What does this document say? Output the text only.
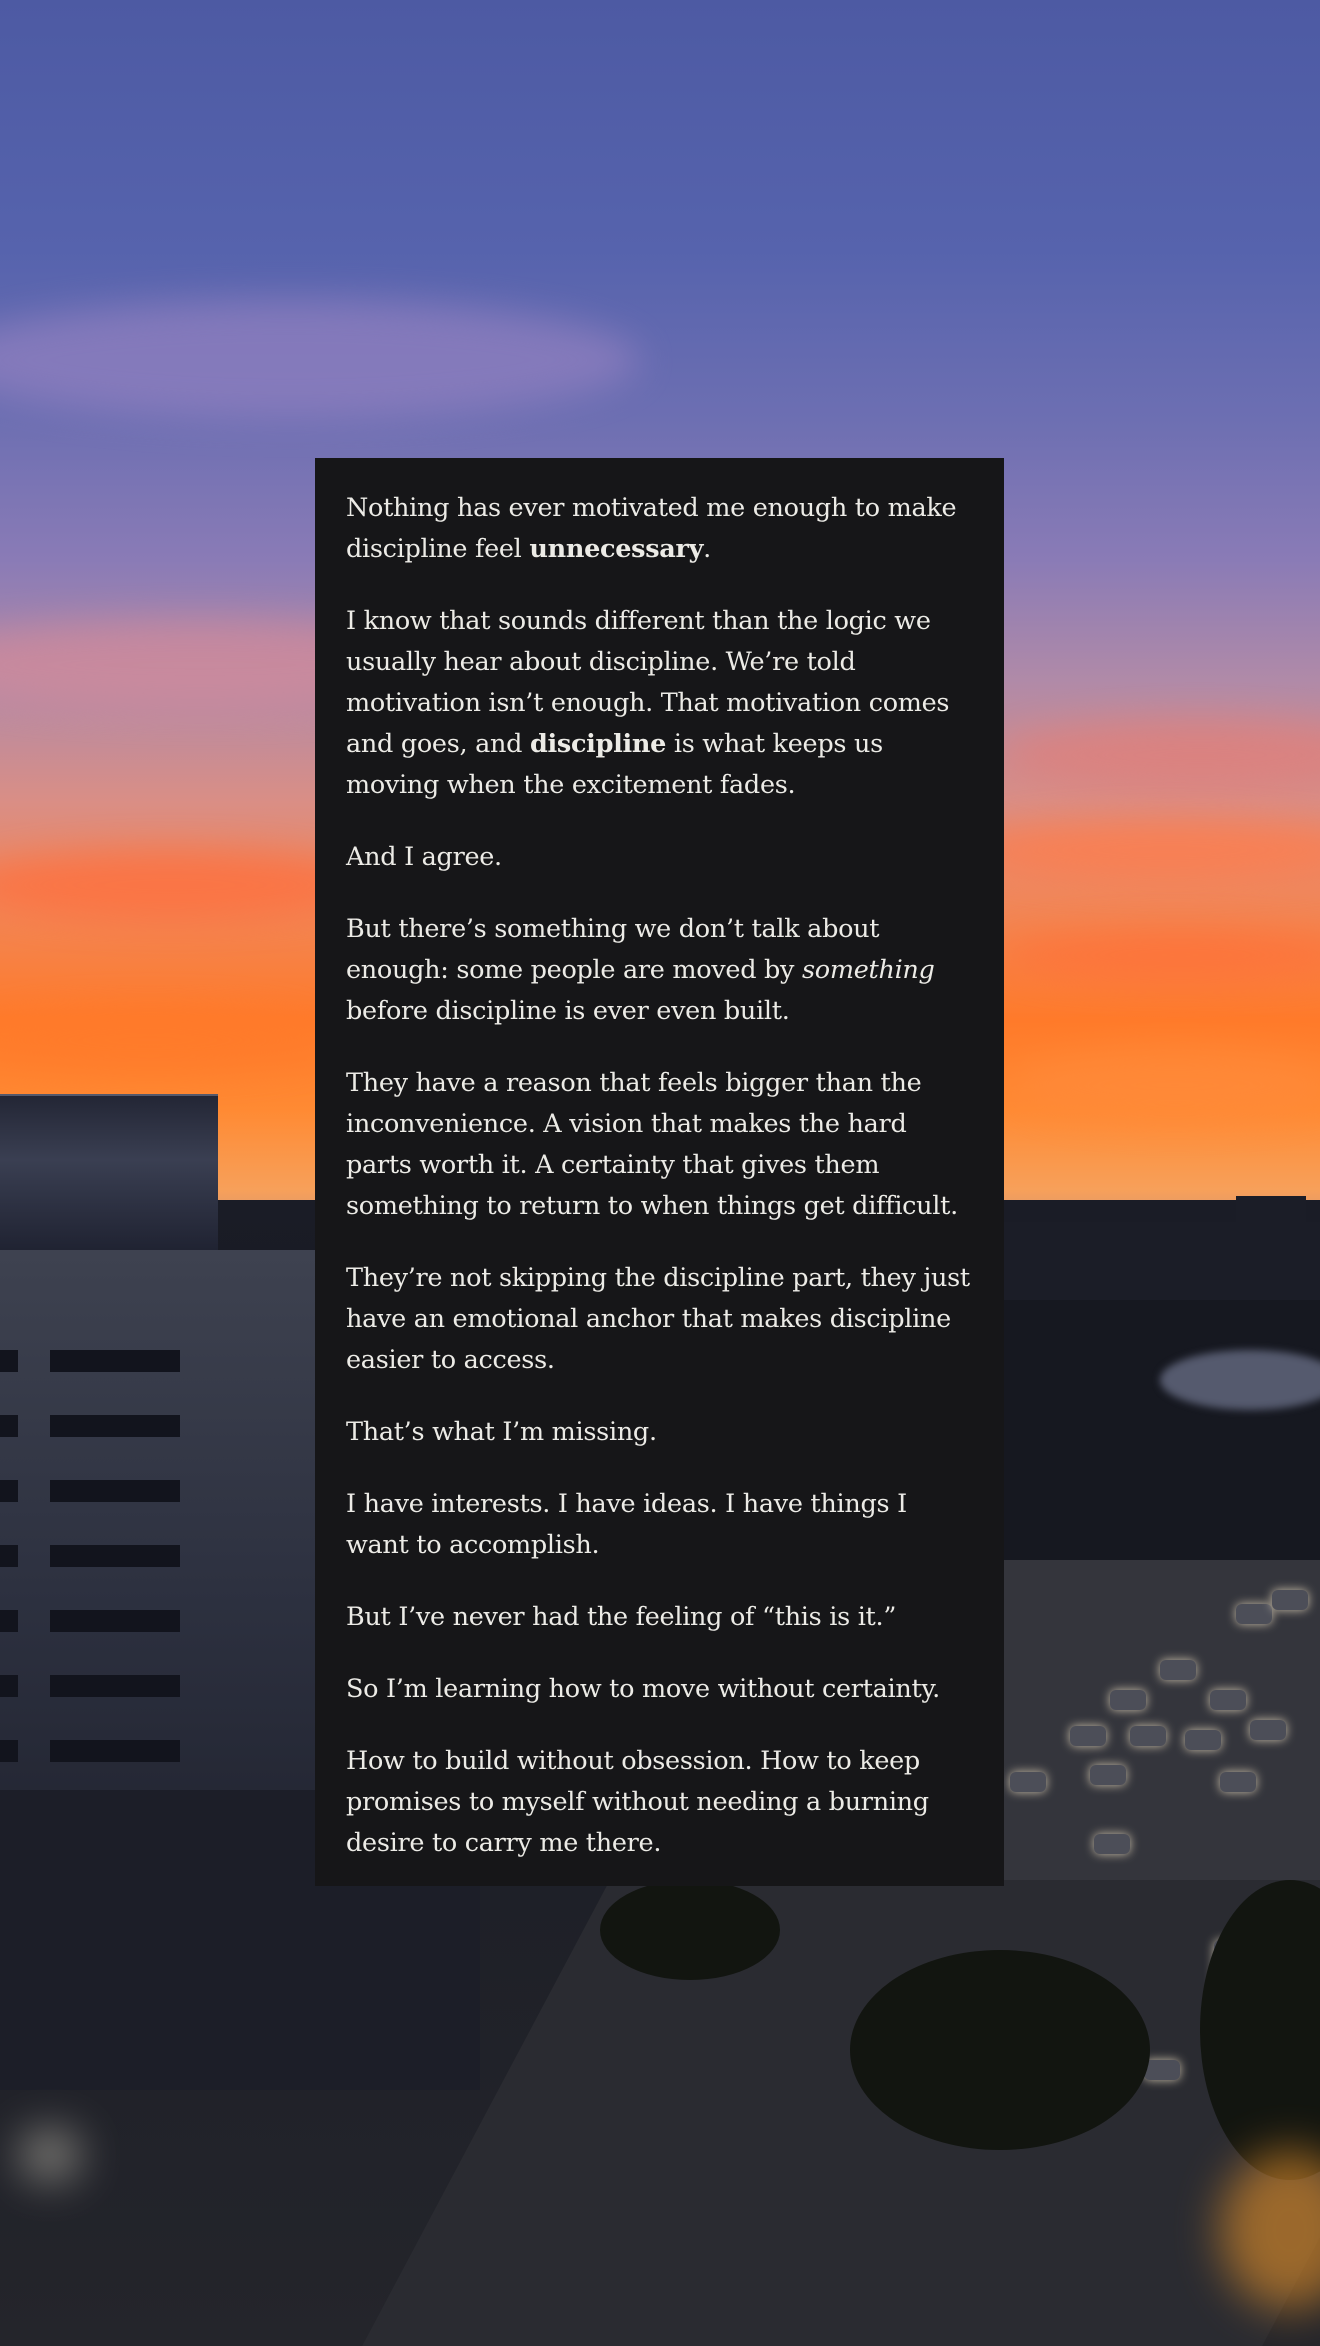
Nothing has ever motivated me enough to make discipline feel unnecessary.

I know that sounds different than the logic we usually hear about discipline. We’re told motivation isn’t enough. That motivation comes and goes, and discipline is what keeps us moving when the excitement fades.

And I agree.

But there’s something we don’t talk about enough: some people are moved by something before discipline is ever even built.

They have a reason that feels bigger than the inconvenience. A vision that makes the hard parts worth it. A certainty that gives them something to return to when things get difficult.

They’re not skipping the discipline part, they just have an emotional anchor that makes discipline easier to access.

That’s what I’m missing.

I have interests. I have ideas. I have things I want to accomplish.

But I’ve never had the feeling of “this is it.”

So I’m learning how to move without certainty.

How to build without obsession. How to keep promises to myself without needing a burning desire to carry me there.
